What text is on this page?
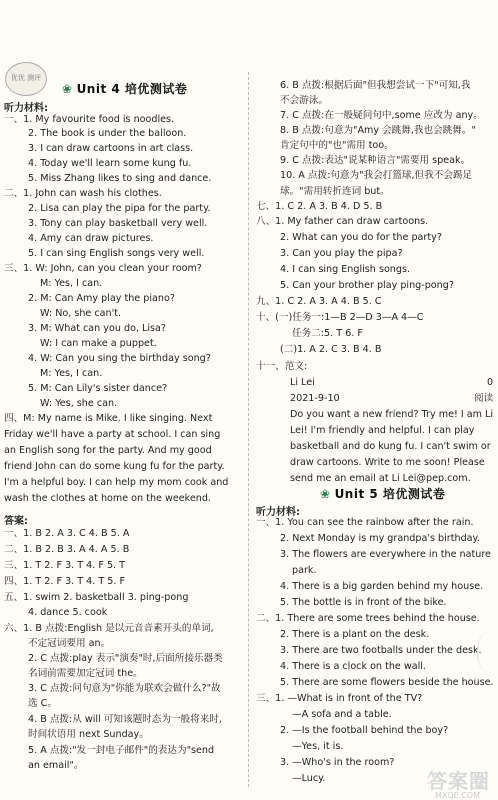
优优 测评
❀ Unit 4 培优测试卷
听力材料:
答案:
一、1. My favourite food is noodles.
2. The book is under the balloon.
3. I can draw cartoons in art class.
4. Today we'll learn some kung fu.
5. Miss Zhang likes to sing and dance.
二、1. John can wash his clothes.
2. Lisa can play the pipa for the party.
3. Tony can play basketball very well.
4. Amy can draw pictures.
5. I can sing English songs very well.
三、1. W: John, can you clean your room?
M: Yes, I can.
2. M: Can Amy play the piano?
W: No, she can't.
3. M: What can you do, Lisa?
W: I can make a puppet.
4. W: Can you sing the birthday song?
M: Yes, I can.
5. M: Can Lily's sister dance?
W: Yes, she can.
四、M: My name is Mike. I like singing. Next
Friday we'll have a party at school. I can sing
an English song for the party. And my good
friend John can do some kung fu for the party.
I'm a helpful boy. I can help my mom cook and
wash the clothes at home on the weekend.
一、1. B 2. A 3. C 4. B 5. A
二、1. B 2. B 3. A 4. A 5. B
三、1. T 2. F 3. T 4. F 5. T
四、1. T 2. F 3. T 4. T 5. F
五、1. swim 2. basketball 3. ping-pong
4. dance 5. cook
六、1. B 点拨:English 是以元音音素开头的单词,
不定冠词要用 an。
2. C 点拨:play 表示"演奏"时,后面所接乐器类
名词前需要加定冠词 the。
3. C 点拨:问句意为"你能为联欢会做什么?"故
选 C。
4. B 点拨:从 will 可知该题时态为一般将来时,
时间状语用 next Sunday。
5. A 点拨:"发一封电子邮件"的表达为"send
an email"。
❀ Unit 5 培优测试卷
听力材料:
6. B 点拨:根据后面"但我想尝试一下"可知,我
不会游泳。
7. C 点拨:在一般疑问句中,some 应改为 any。
8. B 点拨:句意为"Amy 会跳舞,我也会跳舞。"
肯定句中的"也"需用 too。
9. C 点拨:表达"说某种语言"需要用 speak。
10. A 点拨:句意为"我会打篮球,但我不会踢足
球。"需用转折连词 but。
七、1. C 2. A 3. B 4. D 5. B
八、1. My father can draw cartoons.
2. What can you do for the party?
3. Can you play the pipa?
4. I can sing English songs.
5. Can your brother play ping-pong?
九、1. C 2. A 3. A 4. B 5. C
十、(一)任务一:1—B 2—D 3—A 4—C
任务二:5. T 6. F
(二)1. A 2. C 3. B 4. B
十一、范文:
Li Lei	0
2021-9-10	阅读
Do you want a new friend? Try me! I am Li
Lei! I'm friendly and helpful. I can play
basketball and do kung fu. I can't swim or
draw cartoons. Write to me soon! Please
send me an email at Li Lei@pep.com.
一、1. You can see the rainbow after the rain.
2. Next Monday is my grandpa's birthday.
3. The flowers are everywhere in the nature
park.
4. There is a big garden behind my house.
5. The bottle is in front of the bike.
二、1. There are some trees behind the house.
2. There is a plant on the desk.
3. There are two footballs under the desk.
4. There is a clock on the wall.
5. There are some flowers beside the house.
三、1. —What is in front of the TV?
—A sofa and a table.
2. —Is the football behind the boy?
—Yes, it is.
3. —Who's in the room?
—Lucy.	答案圈
MXQE.COM
